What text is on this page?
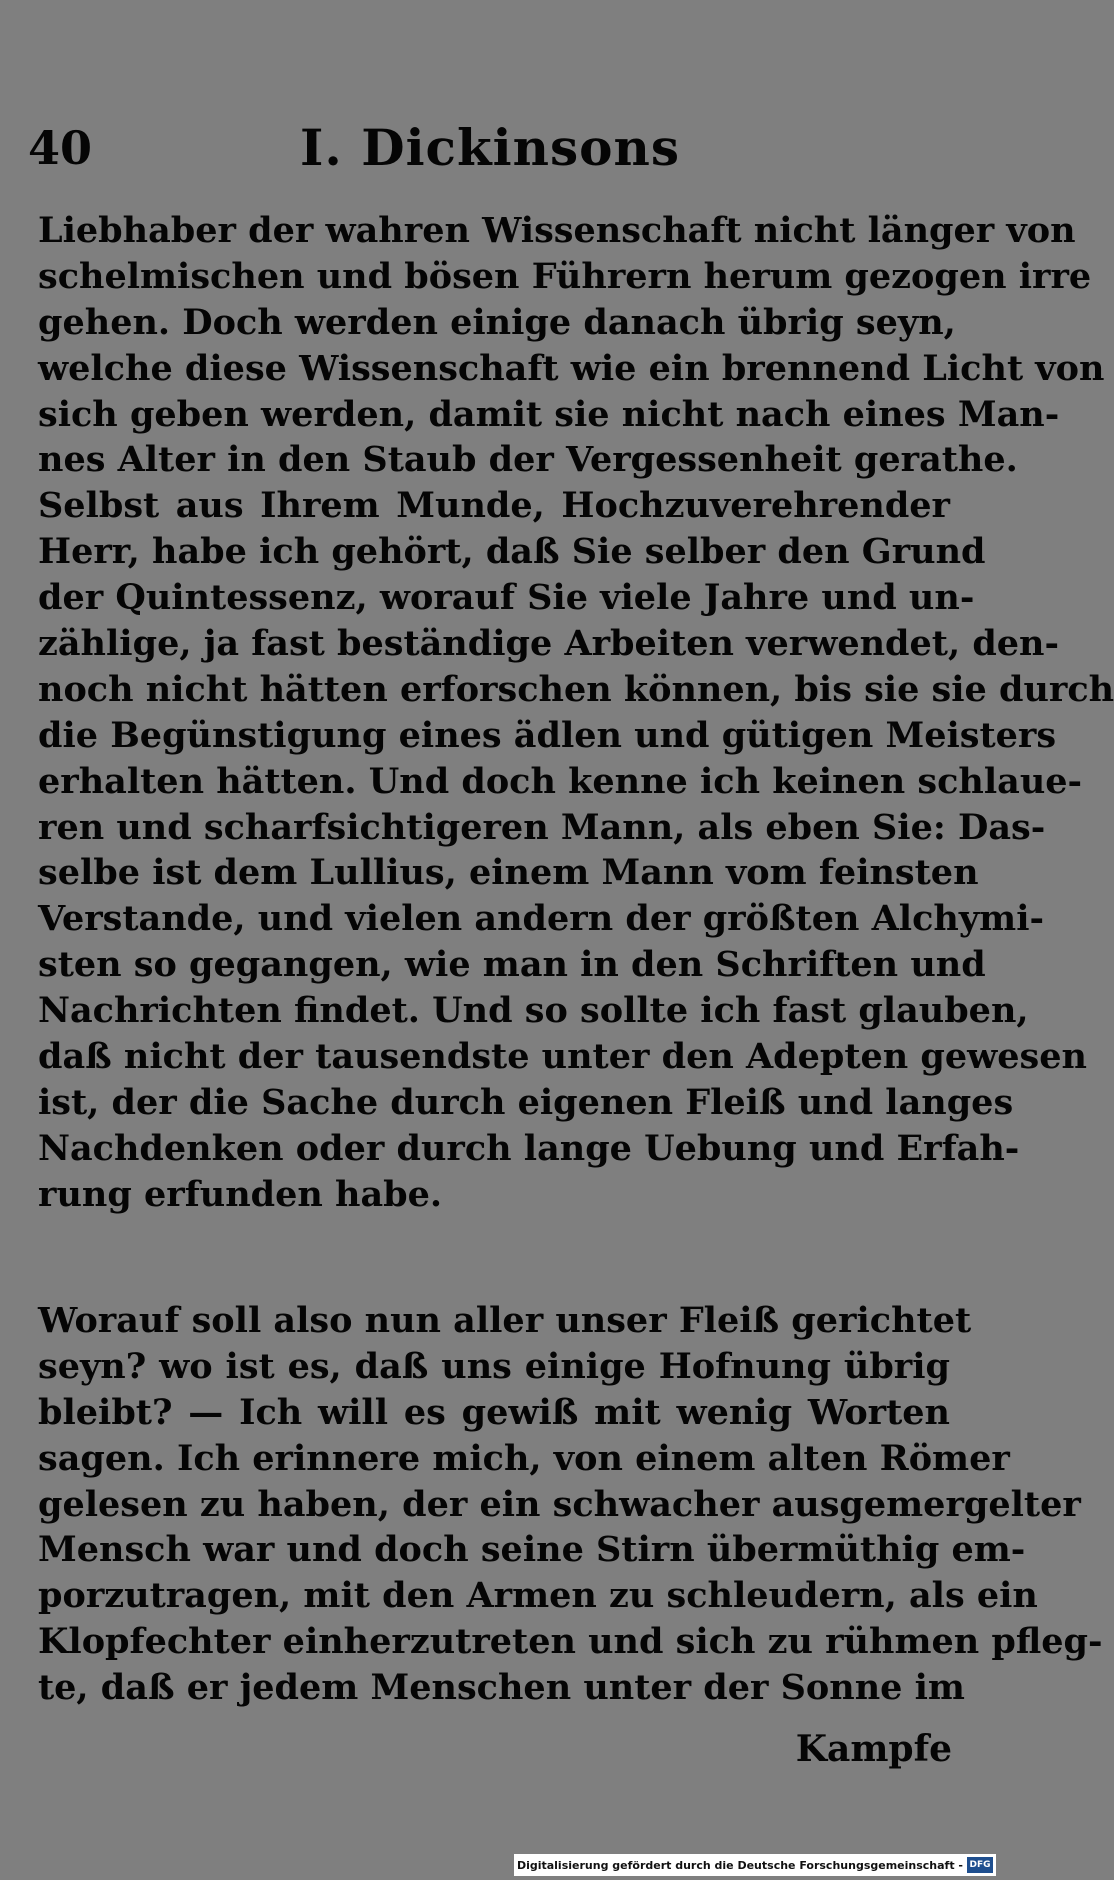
40	I. Dickinsons
Liebhaber der wahren Wissenschaft nicht länger von
schelmischen und bösen Führern herum gezogen irre
gehen. Doch werden einige danach übrig seyn,
welche diese Wissenschaft wie ein brennend Licht von
sich geben werden, damit sie nicht nach eines Man-
nes Alter in den Staub der Vergessenheit gerathe.
Selbst aus Ihrem Munde, Hochzuverehrender
Herr, habe ich gehört, daß Sie selber den Grund
der Quintessenz, worauf Sie viele Jahre und un-
zählige, ja fast beständige Arbeiten verwendet, den-
noch nicht hätten erforschen können, bis sie sie durch
die Begünstigung eines ädlen und gütigen Meisters
erhalten hätten. Und doch kenne ich keinen schlaue-
ren und scharfsichtigeren Mann, als eben Sie: Das-
selbe ist dem Lullius, einem Mann vom feinsten
Verstande, und vielen andern der größten Alchymi-
sten so gegangen, wie man in den Schriften und
Nachrichten findet. Und so sollte ich fast glauben,
daß nicht der tausendste unter den Adepten gewesen
ist, der die Sache durch eigenen Fleiß und langes
Nachdenken oder durch lange Uebung und Erfah-
rung erfunden habe.
Worauf soll also nun aller unser Fleiß gerichtet
seyn? wo ist es, daß uns einige Hofnung übrig
bleibt? — Ich will es gewiß mit wenig Worten
sagen. Ich erinnere mich, von einem alten Römer
gelesen zu haben, der ein schwacher ausgemergelter
Mensch war und doch seine Stirn übermüthig em-
porzutragen, mit den Armen zu schleudern, als ein
Klopfechter einherzutreten und sich zu rühmen pfleg-
te, daß er jedem Menschen unter der Sonne im
Kampfe
Digitalisierung gefördert durch die Deutsche Forschungsgemeinschaft - DFG
